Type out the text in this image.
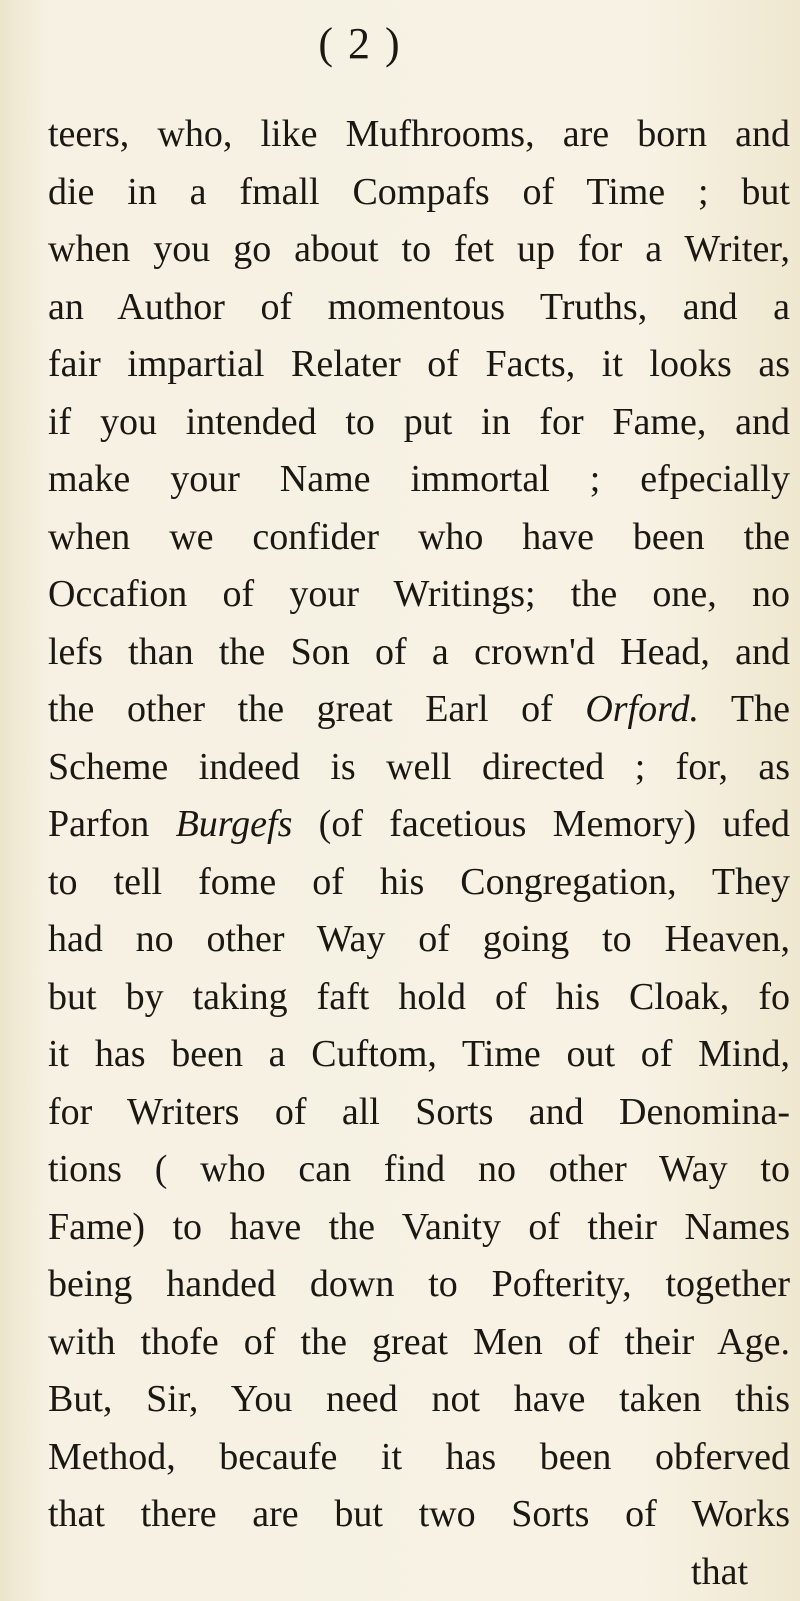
( 2 )
teers, who, like Mufhrooms, are born and
die in a fmall Compafs of Time ; but
when you go about to fet up for a Writer,
an Author of momentous Truths, and a
fair impartial Relater of Facts, it looks as
if you intended to put in for Fame, and
make your Name immortal ; efpecially
when we confider who have been the
Occafion of your Writings; the one, no
lefs than the Son of a crown'd Head, and
the other the great Earl of Orford. The
Scheme indeed is well directed ; for, as
Parfon Burgefs (of facetious Memory) ufed
to tell fome of his Congregation, They
had no other Way of going to Heaven,
but by taking faft hold of his Cloak, fo
it has been a Cuftom, Time out of Mind,
for Writers of all Sorts and Denomina-
tions ( who can find no other Way to
Fame) to have the Vanity of their Names
being handed down to Pofterity, together
with thofe of the great Men of their Age.
But, Sir, You need not have taken this
Method, becaufe it has been obferved
that there are but two Sorts of Works
that
